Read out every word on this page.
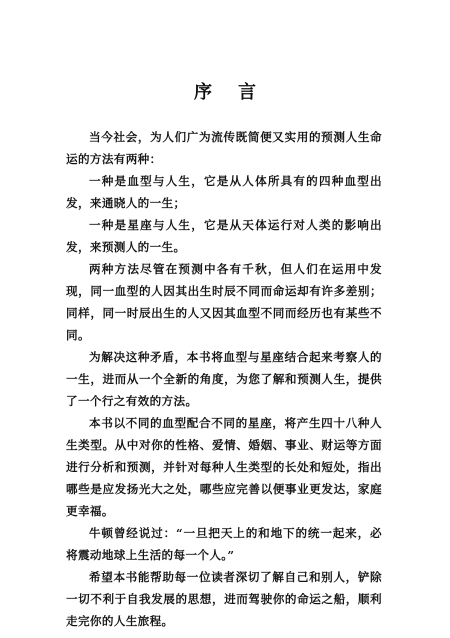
序言

当今社会，为人们广为流传既简便又实用的预测人生命运的方法有两种：

一种是血型与人生，它是从人体所具有的四种血型出发，来通晓人的一生；

一种是星座与人生，它是从天体运行对人类的影响出发，来预测人的一生。

两种方法尽管在预测中各有千秋，但人们在运用中发现，同一血型的人因其出生时辰不同而命运却有许多差别；同样，同一时辰出生的人又因其血型不同而经历也有某些不同。

为解决这种矛盾，本书将血型与星座结合起来考察人的一生，进而从一个全新的角度，为您了解和预测人生，提供了一个行之有效的方法。

本书以不同的血型配合不同的星座，将产生四十八种人生类型。从中对你的性格、爱情、婚姻、事业、财运等方面进行分析和预测，并针对每种人生类型的长处和短处，指出哪些是应发扬光大之处，哪些应完善以便事业更发达，家庭更幸福。

牛顿曾经说过：“一旦把天上的和地下的统一起来，必将震动地球上生活的每一个人。”

希望本书能帮助每一位读者深切了解自己和别人，铲除一切不利于自我发展的思想，进而驾驶你的命运之船，顺利走完你的人生旅程。
